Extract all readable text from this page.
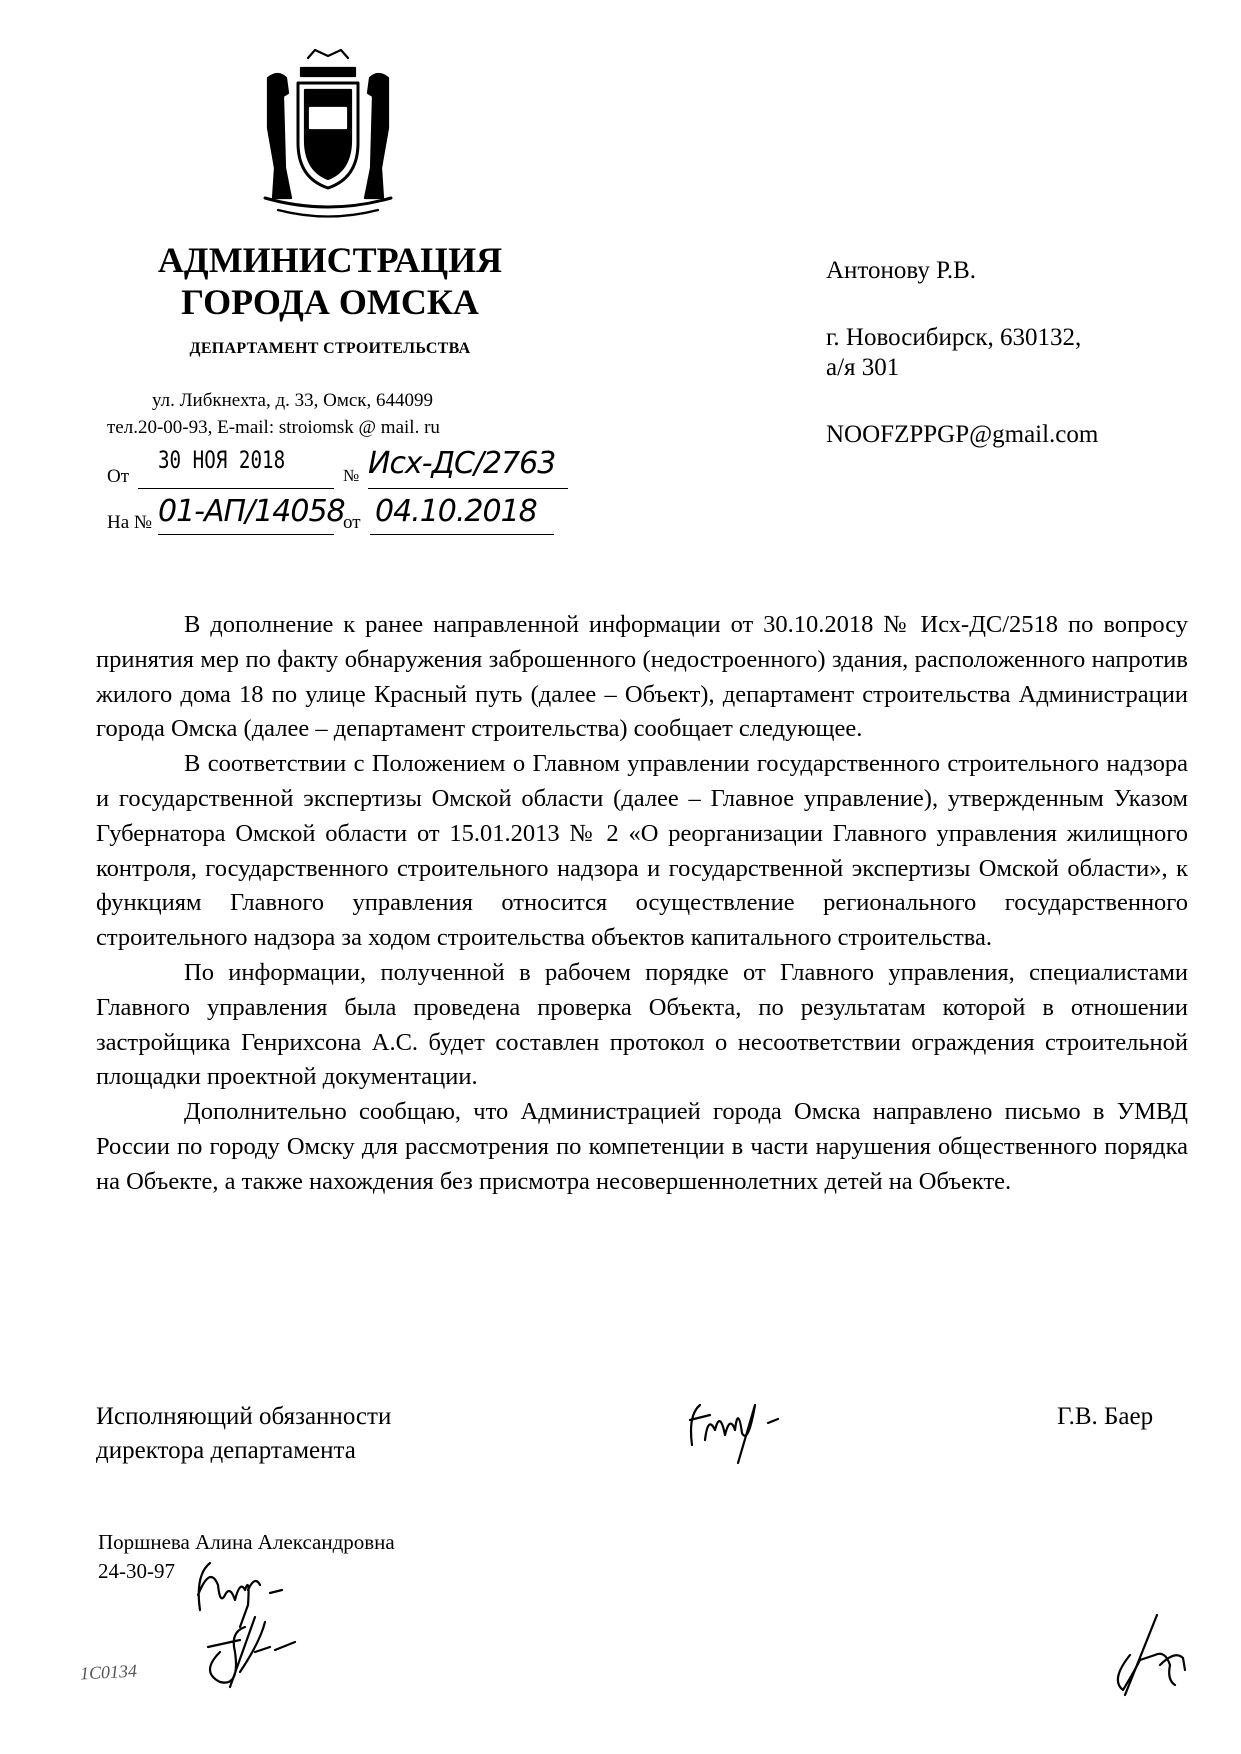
АДМИНИСТРАЦИЯ
ГОРОДА ОМСКА
ДЕПАРТАМЕНТ СТРОИТЕЛЬСТВА
ул. Либкнехта, д. 33, Омск, 644099
тел.20-00-93, E-mail: stroiomsk @ mail. ru
От
30 НОЯ 2018
№ Исх-ДС/2763
На № 01-АП/14058
от 04.10.2018
Антонову Р.В.
г. Новосибирск, 630132,
а/я 301
NOOFZPPGP@gmail.com

В дополнение к ранее направленной информации от 30.10.2018 № Исх-ДС/2518 по вопросу принятия мер по факту обнаружения заброшенного (недостроенного) здания, расположенного напротив жилого дома 18 по улице Красный путь (далее – Объект), департамент строительства Администрации города Омска (далее – департамент строительства) сообщает следующее.

В соответствии с Положением о Главном управлении государственного строительного надзора и государственной экспертизы Омской области (далее – Главное управление), утвержденным Указом Губернатора Омской области от 15.01.2013 № 2 «О реорганизации Главного управления жилищного контроля, государственного строительного надзора и государственной экспертизы Омской области», к функциям Главного управления относится осуществление регионального государственного строительного надзора за ходом строительства объектов капитального строительства.

По информации, полученной в рабочем порядке от Главного управления, специалистами Главного управления была проведена проверка Объекта, по результатам которой в отношении застройщика Генрихсона А.С. будет составлен протокол о несоответствии ограждения строительной площадки проектной документации.

Дополнительно сообщаю, что Администрацией города Омска направлено письмо в УМВД России по городу Омску для рассмотрения по компетенции в части нарушения общественного порядка на Объекте, а также нахождения без присмотра несовершеннолетних детей на Объекте.

Исполняющий обязанности
директора департамента
Г.В. Баер
Поршнева Алина Александровна
24-30-97
1С0134
